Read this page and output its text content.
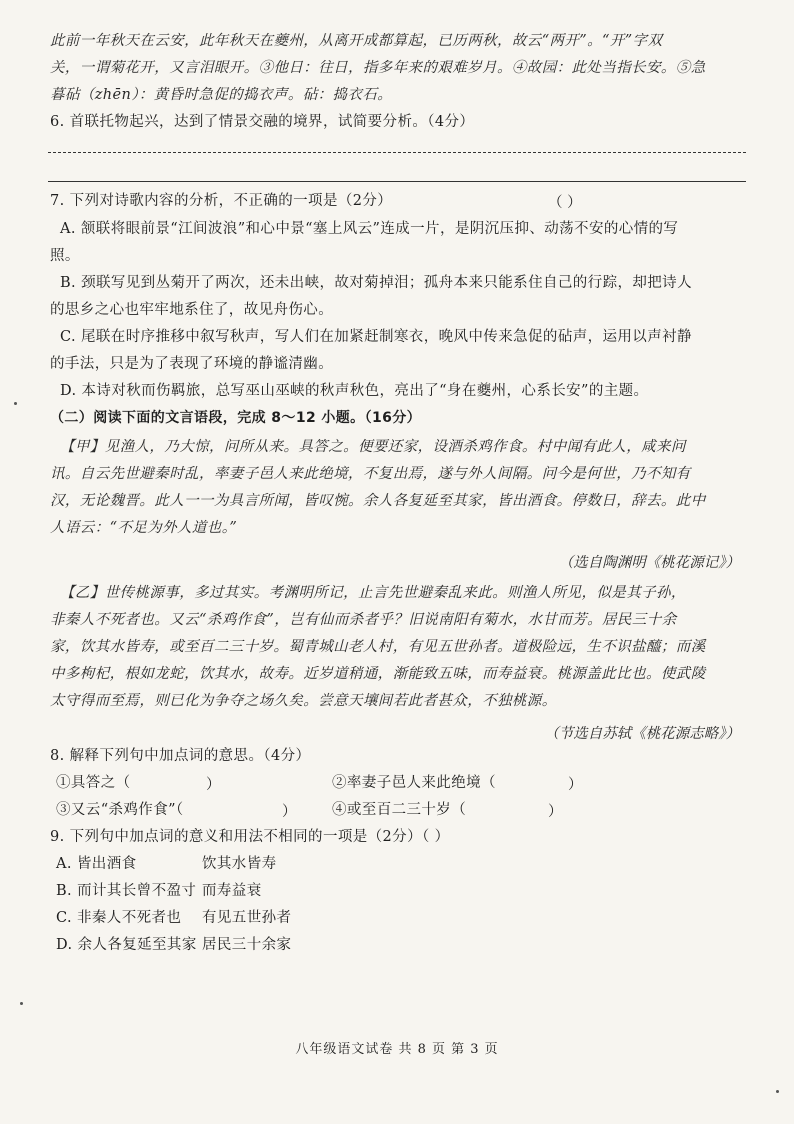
此前一年秋天在云安，此年秋天在夔州，从离开成都算起，已历两秋，故云“两开”。“开”字双
关，一谓菊花开，又言泪眼开。③他日：往日，指多年来的艰难岁月。④故园：此处当指长安。⑤急
暮砧（zhēn）：黄昏时急促的捣衣声。砧：捣衣石。
6. 首联托物起兴，达到了情景交融的境界，试简要分析。（4分）
7. 下列对诗歌内容的分析，不正确的一项是（2分）	（ ）
A. 颔联将眼前景“江间波浪”和心中景“塞上风云”连成一片，是阴沉压抑、动荡不安的心情的写
照。
B. 颈联写见到丛菊开了两次，还未出峡，故对菊掉泪；孤舟本来只能系住自己的行踪，却把诗人
的思乡之心也牢牢地系住了，故见舟伤心。
C. 尾联在时序推移中叙写秋声，写人们在加紧赶制寒衣，晚风中传来急促的砧声，运用以声衬静
的手法，只是为了表现了环境的静谧清幽。
D. 本诗对秋而伤羁旅，总写巫山巫峡的秋声秋色，亮出了“身在夔州，心系长安”的主题。
（二）阅读下面的文言语段，完成 8～12 小题。（16分）
【甲】见渔人，乃大惊，问所从来。具答之。便要还家，设酒杀鸡作食。村中闻有此人，咸来问
讯。自云先世避秦时乱，率妻子邑人来此绝境，不复出焉，遂与外人间隔。问今是何世，乃不知有
汉，无论魏晋。此人一一为具言所闻，皆叹惋。余人各复延至其家，皆出酒食。停数日，辞去。此中
人语云：“不足为外人道也。”
（选自陶渊明《桃花源记》）
【乙】世传桃源事，多过其实。考渊明所记，止言先世避秦乱来此。则渔人所见，似是其子孙，
非秦人不死者也。又云“杀鸡作食”，岂有仙而杀者乎？旧说南阳有菊水，水甘而芳。居民三十余
家，饮其水皆寿，或至百二三十岁。蜀青城山老人村，有见五世孙者。道极险远，生不识盐醯；而溪
中多枸杞，根如龙蛇，饮其水，故寿。近岁道稍通，渐能致五味，而寿益衰。桃源盖此比也。使武陵
太守得而至焉，则已化为争夺之场久矣。尝意天壤间若此者甚众，不独桃源。
（节选自苏轼《桃花源志略》）
8. 解释下列句中加点词的意思。（4分）
①具答之（	）	②率妻子邑人来此绝境（	）
③又云“杀鸡作食”（	） ④或至百二三十岁（	）
9. 下列句中加点词的意义和用法不相同的一项是（2分）（ ）
A. 皆出酒食	饮其水皆寿
B. 而计其长曾不盈寸 而寿益衰
C. 非秦人不死者也 有见五世孙者
D. 余人各复延至其家 居民三十余家
八年级语文试卷 共 8 页 第 3 页
